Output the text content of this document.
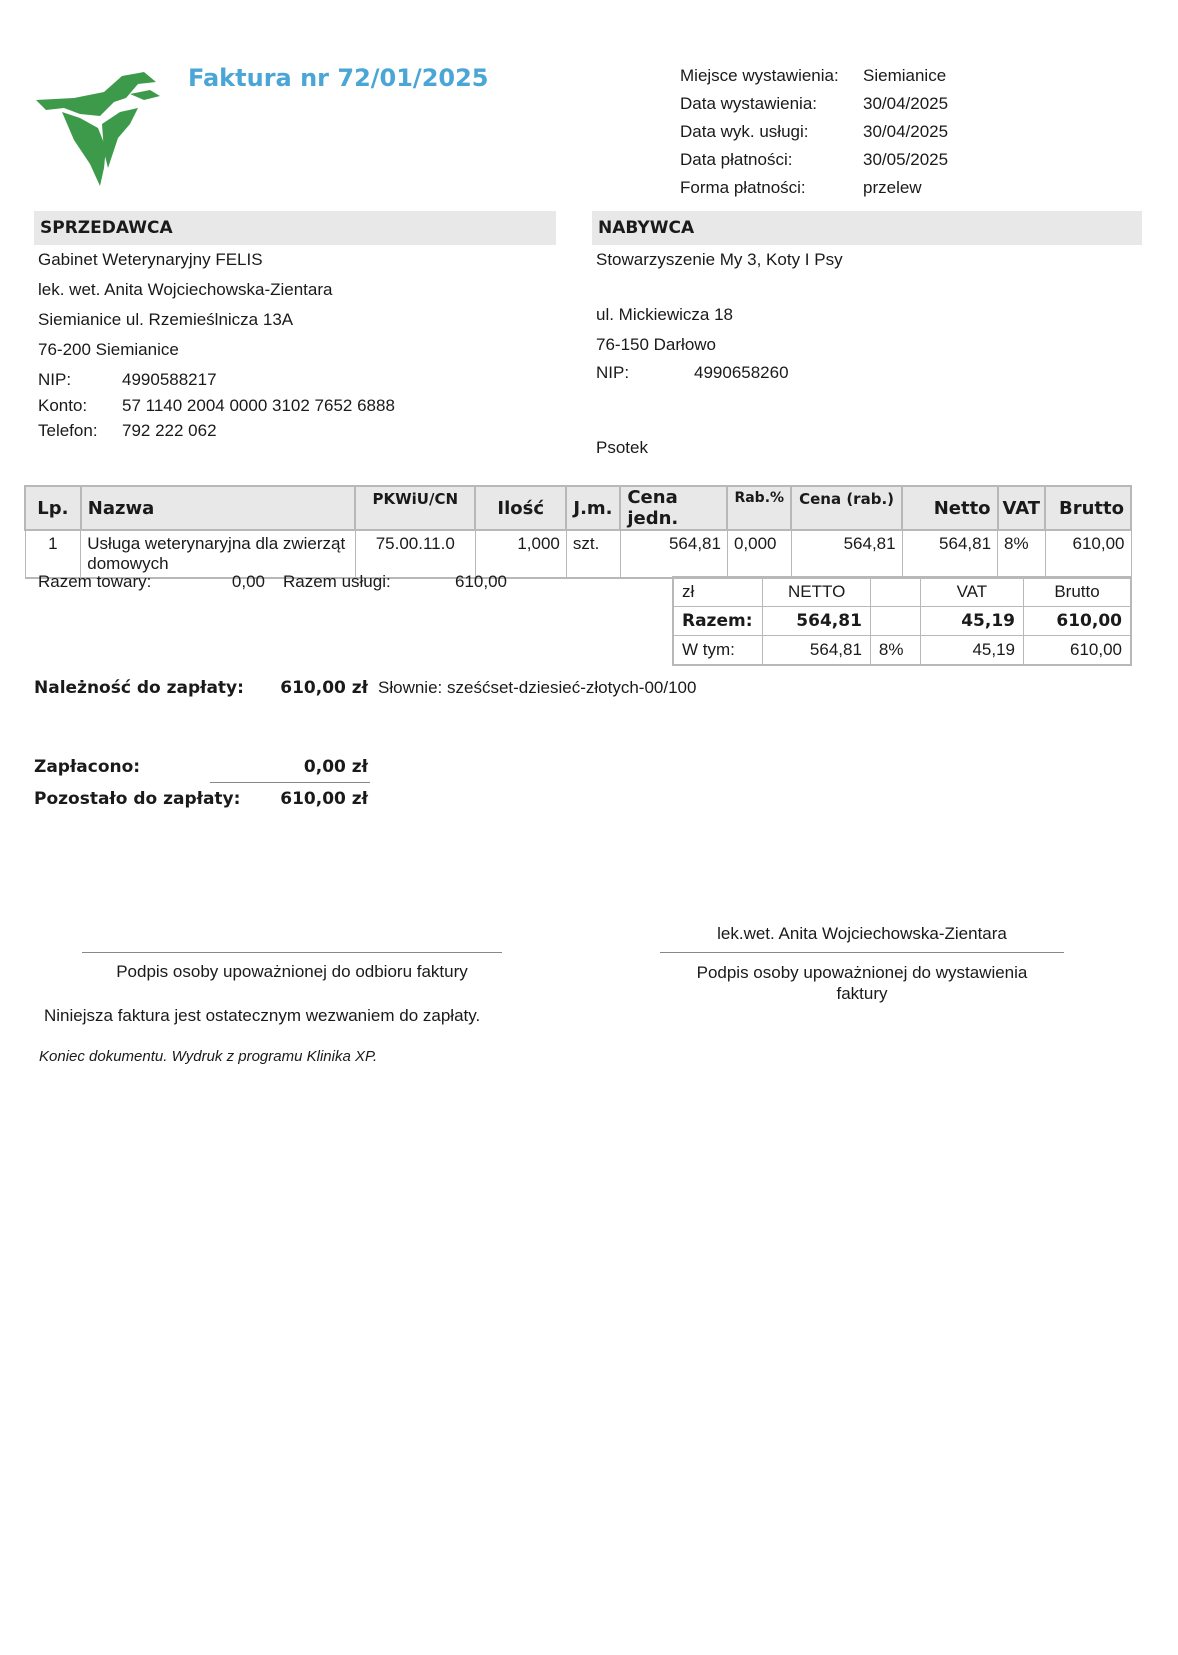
Faktura nr 72/01/2025	Miejsce wystawienia:	Siemianice
Data wystawienia:	30/04/2025
Data wyk. usługi:	30/04/2025
Data płatności:	30/05/2025
Forma płatności:	przelew
SPRZEDAWCA
Gabinet Weterynaryjny FELIS
lek. wet. Anita Wojciechowska-Zientara
Siemianice ul. Rzemieślnicza 13A
76-200 Siemianice
NIP:	4990588217
Konto: 57 1140 2004 0000 3102 7652 6888
Telefon: 792 222 062
NABYWCA
Stowarzyszenie My 3, Koty I Psy
ul. Mickiewicza 18
76-150 Darłowo
NIP:	4990658260
Psotek
Lp.	Nazwa	PKWiU/CN	Ilość	J.m.	Cena jedn.	Rab.%	Cena (rab.)	Netto	VAT	Brutto
1	Usługa weterynaryjna dla zwierząt domowych	75.00.11.0	1,000	szt.	564,81	0,000	564,81	564,81	8%	610,00
Razem towary:	0,00 Razem usługi:	610,00
zł	NETTO		VAT	Brutto
Razem:	564,81		45,19	610,00
W tym:	564,81	8%	45,19	610,00
Należność do zapłaty:	610,00 zł Słownie: sześćset-dziesieć-złotych-00/100
Zapłacono:	0,00 zł
Pozostało do zapłaty:	610,00 zł
Podpis osoby upoważnionej do odbioru faktury
Niniejsza faktura jest ostatecznym wezwaniem do zapłaty.
lek.wet. Anita Wojciechowska-Zientara
Podpis osoby upoważnionej do wystawienia faktury
Koniec dokumentu. Wydruk z programu Klinika XP.
